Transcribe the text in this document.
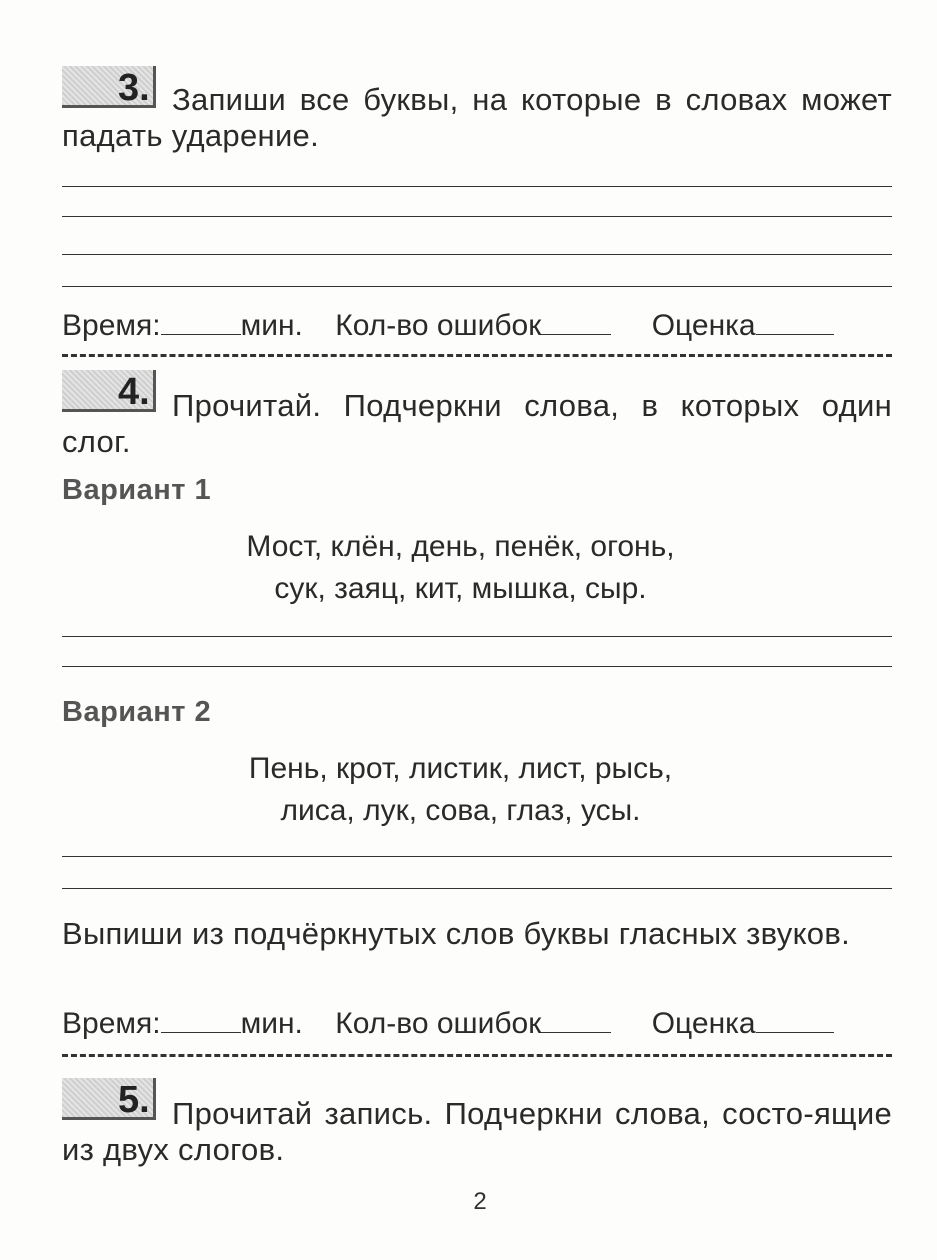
3. Запиши все буквы, на которые в словах может падать ударение.
Время:	мин. Кол-во ошибок	Оценка
4. Прочитай. Подчеркни слова, в которых один слог.
Вариант 1
Мост, клён, день, пенёк, огонь,
сук, заяц, кит, мышка, сыр.
Вариант 2
Пень, крот, листик, лист, рысь,
лиса, лук, сова, глаз, усы.
Выпиши из подчёркнутых слов буквы гласных звуков.
Время:	мин. Кол-во ошибок	Оценка
5. Прочитай запись. Подчеркни слова, состо-ящие из двух слогов.
2
